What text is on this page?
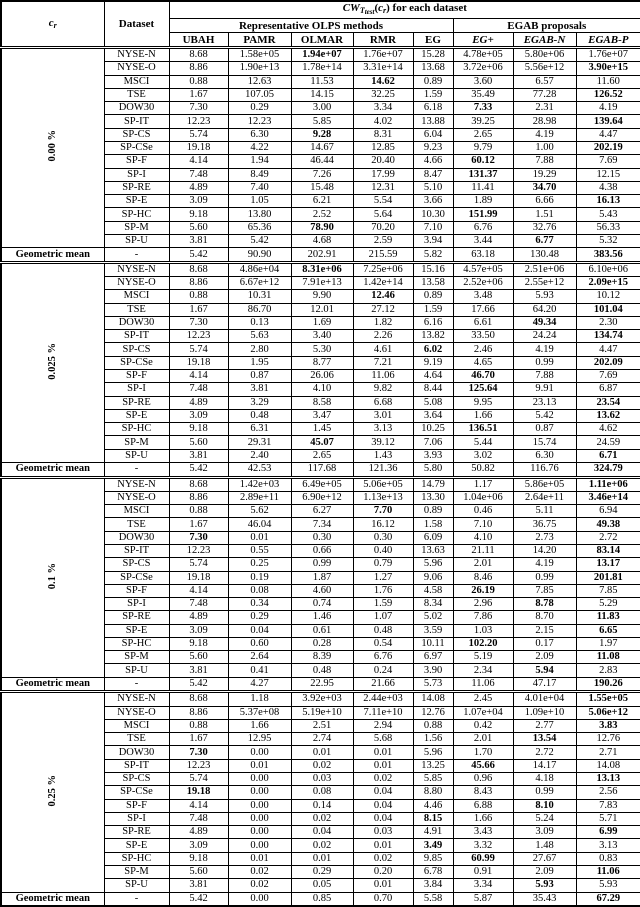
$c_r$	Dataset	$CW_{Ttest}(c_r)$ for each dataset							
		Representative OLPS methods					EGAB proposals		
		UBAH	PAMR	OLMAR	RMR	EG	EG+	EGAB-N	EGAB-P
0.00 %	NYSE-N	8.68	1.58e+05	1.94e+07	1.76e+07	15.28	4.78e+05	5.80e+06	1.76e+07
	NYSE-O	8.86	1.90e+13	1.78e+14	3.31e+14	13.68	3.72e+06	5.56e+12	3.90e+15
	MSCI	0.88	12.63	11.53	14.62	0.89	3.60	6.57	11.60
	TSE	1.67	107.05	14.15	32.25	1.59	35.49	77.28	126.52
	DOW30	7.30	0.29	3.00	3.34	6.18	7.33	2.31	4.19
	SP-IT	12.23	12.23	5.85	4.02	13.88	39.25	28.98	139.64
	SP-CS	5.74	6.30	9.28	8.31	6.04	2.65	4.19	4.47
	SP-CSe	19.18	4.22	14.67	12.85	9.23	9.79	1.00	202.19
	SP-F	4.14	1.94	46.44	20.40	4.66	60.12	7.88	7.69
	SP-I	7.48	8.49	7.26	17.99	8.47	131.37	19.29	12.15
	SP-RE	4.89	7.40	15.48	12.31	5.10	11.41	34.70	4.38
	SP-E	3.09	1.05	6.21	5.54	3.66	1.89	6.66	16.13
	SP-HC	9.18	13.80	2.52	5.64	10.30	151.99	1.51	5.43
	SP-M	5.60	65.36	78.90	70.20	7.10	6.76	32.76	56.33
	SP-U	3.81	5.42	4.68	2.59	3.94	3.44	6.77	5.32
Geometric mean	-	5.42	90.90	202.91	215.59	5.82	63.18	130.48	383.56
0.025 %	NYSE-N	8.68	4.86e+04	8.31e+06	7.25e+06	15.16	4.57e+05	2.51e+06	6.10e+06
	NYSE-O	8.86	6.67e+12	7.91e+13	1.42e+14	13.58	2.52e+06	2.55e+12	2.09e+15
	MSCI	0.88	10.31	9.90	12.46	0.89	3.48	5.93	10.12
	TSE	1.67	86.70	12.01	27.12	1.59	17.66	64.20	101.04
	DOW30	7.30	0.13	1.69	1.82	6.16	6.61	49.34	2.30
	SP-IT	12.23	5.63	3.40	2.26	13.82	33.50	24.24	134.74
	SP-CS	5.74	2.80	5.30	4.61	6.02	2.46	4.19	4.47
	SP-CSe	19.18	1.95	8.77	7.21	9.19	4.65	0.99	202.09
	SP-F	4.14	0.87	26.06	11.06	4.64	46.70	7.88	7.69
	SP-I	7.48	3.81	4.10	9.82	8.44	125.64	9.91	6.87
	SP-RE	4.89	3.29	8.58	6.68	5.08	9.95	23.13	23.54
	SP-E	3.09	0.48	3.47	3.01	3.64	1.66	5.42	13.62
	SP-HC	9.18	6.31	1.45	3.13	10.25	136.51	0.87	4.62
	SP-M	5.60	29.31	45.07	39.12	7.06	5.44	15.74	24.59
	SP-U	3.81	2.40	2.65	1.43	3.93	3.02	6.30	6.71
Geometric mean	-	5.42	42.53	117.68	121.36	5.80	50.82	116.76	324.79
0.1 %	NYSE-N	8.68	1.42e+03	6.49e+05	5.06e+05	14.79	1.17	5.86e+05	1.11e+06
	NYSE-O	8.86	2.89e+11	6.90e+12	1.13e+13	13.30	1.04e+06	2.64e+11	3.46e+14
	MSCI	0.88	5.62	6.27	7.70	0.89	0.46	5.11	6.94
	TSE	1.67	46.04	7.34	16.12	1.58	7.10	36.75	49.38
	DOW30	7.30	0.01	0.30	0.30	6.09	4.10	2.73	2.72
	SP-IT	12.23	0.55	0.66	0.40	13.63	21.11	14.20	83.14
	SP-CS	5.74	0.25	0.99	0.79	5.96	2.01	4.19	13.17
	SP-CSe	19.18	0.19	1.87	1.27	9.06	8.46	0.99	201.81
	SP-F	4.14	0.08	4.60	1.76	4.58	26.19	7.85	7.85
	SP-I	7.48	0.34	0.74	1.59	8.34	2.96	8.78	5.29
	SP-RE	4.89	0.29	1.46	1.07	5.02	7.86	8.70	11.83
	SP-E	3.09	0.04	0.61	0.48	3.59	1.03	2.15	6.65
	SP-HC	9.18	0.60	0.28	0.54	10.11	102.20	0.17	1.97
	SP-M	5.60	2.64	8.39	6.76	6.97	5.19	2.09	11.08
	SP-U	3.81	0.41	0.48	0.24	3.90	2.34	5.94	2.83
Geometric mean	-	5.42	4.27	22.95	21.66	5.73	11.06	47.17	190.26
0.25 %	NYSE-N	8.68	1.18	3.92e+03	2.44e+03	14.08	2.45	4.01e+04	1.55e+05
	NYSE-O	8.86	5.37e+08	5.19e+10	7.11e+10	12.76	1.07e+04	1.09e+10	5.06e+12
	MSCI	0.88	1.66	2.51	2.94	0.88	0.42	2.77	3.83
	TSE	1.67	12.95	2.74	5.68	1.56	2.01	13.54	12.76
	DOW30	7.30	0.00	0.01	0.01	5.96	1.70	2.72	2.71
	SP-IT	12.23	0.01	0.02	0.01	13.25	45.66	14.17	14.08
	SP-CS	5.74	0.00	0.03	0.02	5.85	0.96	4.18	13.13
	SP-CSe	19.18	0.00	0.08	0.04	8.80	8.43	0.99	2.56
	SP-F	4.14	0.00	0.14	0.04	4.46	6.88	8.10	7.83
	SP-I	7.48	0.00	0.02	0.04	8.15	1.66	5.24	5.71
	SP-RE	4.89	0.00	0.04	0.03	4.91	3.43	3.09	6.99
	SP-E	3.09	0.00	0.02	0.01	3.49	3.32	1.48	3.13
	SP-HC	9.18	0.01	0.01	0.02	9.85	60.99	27.67	0.83
	SP-M	5.60	0.02	0.29	0.20	6.78	0.91	2.09	11.06
	SP-U	3.81	0.02	0.05	0.01	3.84	3.34	5.93	5.93
Geometric mean	-	5.42	0.00	0.85	0.70	5.58	5.87	35.43	67.29
